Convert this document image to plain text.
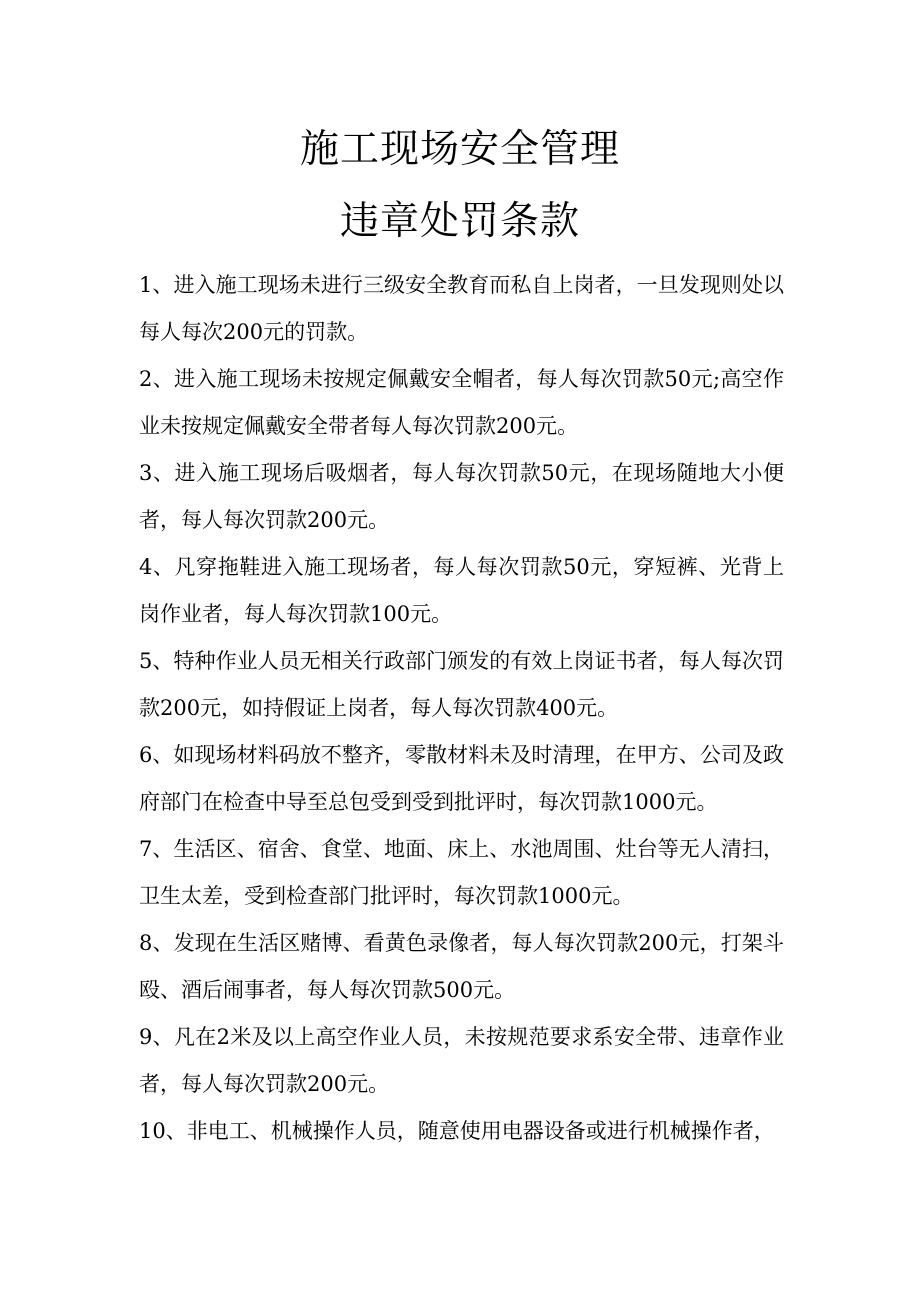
施工现场安全管理
违章处罚条款
1、进入施工现场未进行三级安全教育而私自上岗者，一旦发现则处以每人每次200元的罚款。
2、进入施工现场未按规定佩戴安全帽者，每人每次罚款50元;高空作业未按规定佩戴安全带者每人每次罚款200元。
3、进入施工现场后吸烟者，每人每次罚款50元，在现场随地大小便者，每人每次罚款200元。
4、凡穿拖鞋进入施工现场者，每人每次罚款50元，穿短裤、光背上岗作业者，每人每次罚款100元。
5、特种作业人员无相关行政部门颁发的有效上岗证书者，每人每次罚款200元，如持假证上岗者，每人每次罚款400元。
6、如现场材料码放不整齐，零散材料未及时清理，在甲方、公司及政府部门在检查中导至总包受到受到批评时，每次罚款1000元。
7、生活区、宿舍、食堂、地面、床上、水池周围、灶台等无人清扫，卫生太差，受到检查部门批评时，每次罚款1000元。
8、发现在生活区赌博、看黄色录像者，每人每次罚款200元，打架斗殴、酒后闹事者，每人每次罚款500元。
9、凡在2米及以上高空作业人员，未按规范要求系安全带、违章作业者，每人每次罚款200元。
10、非电工、机械操作人员，随意使用电器设备或进行机械操作者，
